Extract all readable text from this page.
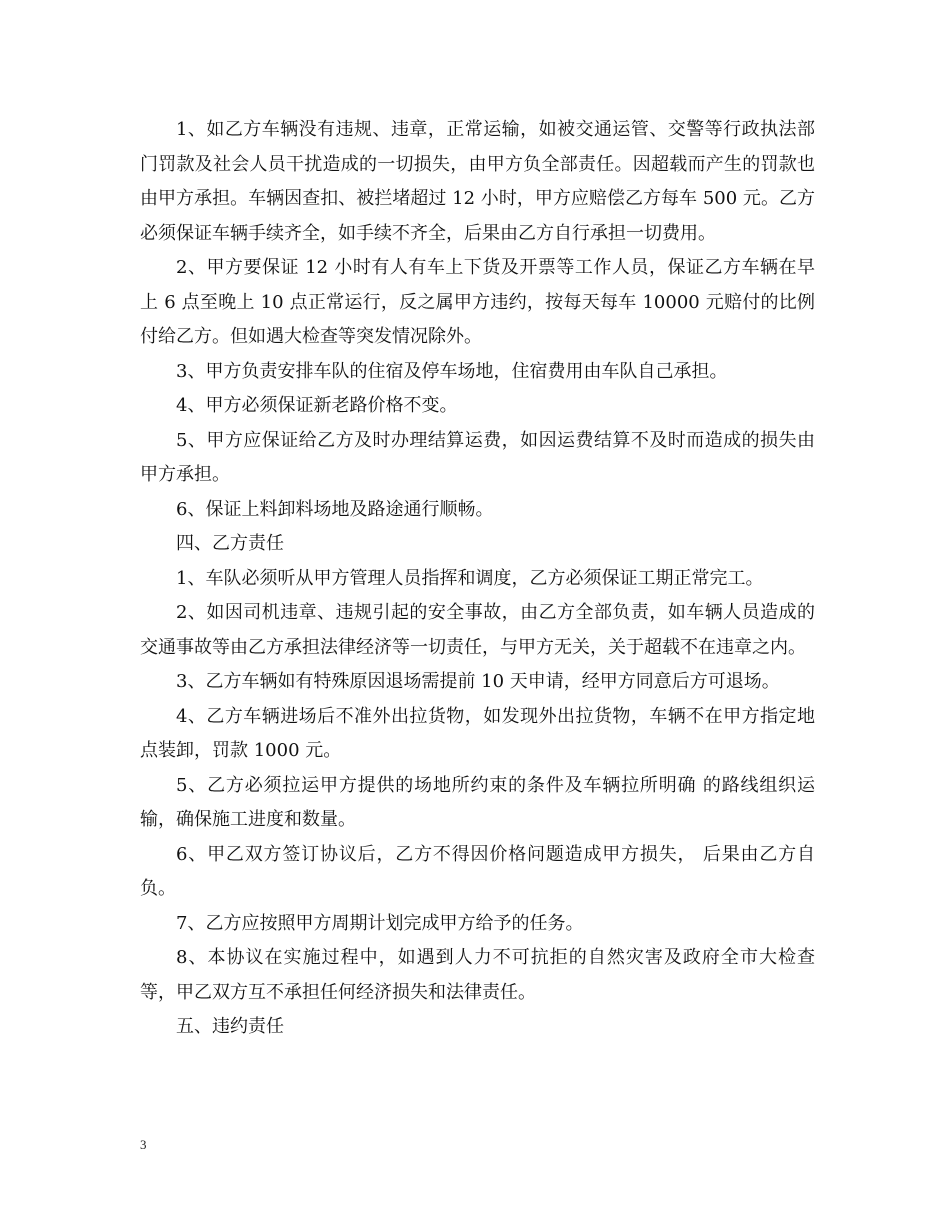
1、如乙方车辆没有违规、违章，正常运输，如被交通运管、交警等行政执法部门罚款及社会人员干扰造成的一切损失，由甲方负全部责任。因超载而产生的罚款也由甲方承担。车辆因查扣、被拦堵超过 12 小时，甲方应赔偿乙方每车 500 元。乙方必须保证车辆手续齐全，如手续不齐全，后果由乙方自行承担一切费用。

2、甲方要保证 12 小时有人有车上下货及开票等工作人员，保证乙方车辆在早上 6 点至晚上 10 点正常运行，反之属甲方违约，按每天每车 10000 元赔付的比例付给乙方。但如遇大检查等突发情况除外。

3、甲方负责安排车队的住宿及停车场地，住宿费用由车队自己承担。

4、甲方必须保证新老路价格不变。

5、甲方应保证给乙方及时办理结算运费，如因运费结算不及时而造成的损失由甲方承担。

6、保证上料卸料场地及路途通行顺畅。

四、乙方责任

1、车队必须听从甲方管理人员指挥和调度，乙方必须保证工期正常完工。

2、如因司机违章、违规引起的安全事故，由乙方全部负责，如车辆人员造成的交通事故等由乙方承担法律经济等一切责任，与甲方无关，关于超载不在违章之内。

3、乙方车辆如有特殊原因退场需提前 10 天申请，经甲方同意后方可退场。

4、乙方车辆进场后不准外出拉货物，如发现外出拉货物，车辆不在甲方指定地点装卸，罚款 1000 元。

5、乙方必须拉运甲方提供的场地所约束的条件及车辆拉所明确 的路线组织运输，确保施工进度和数量。

6、甲乙双方签订协议后，乙方不得因价格问题造成甲方损失， 后果由乙方自负。

7、乙方应按照甲方周期计划完成甲方给予的任务。

8、本协议在实施过程中，如遇到人力不可抗拒的自然灾害及政府全市大检查等，甲乙双方互不承担任何经济损失和法律责任。

五、违约责任

3
